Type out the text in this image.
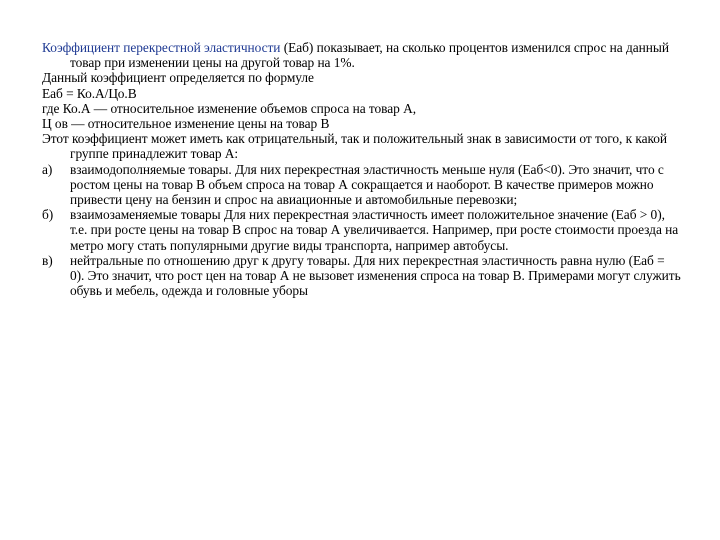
Коэффициент перекрестной эластичности (Еаб) показывает, на сколько процентов изменился спрос на данный товар при изменении цены на другой товар на 1%.

Данный коэффициент определяется по формуле

Еаб = Ко.А/Цо.В

где Ко.А — относительное изменение объемов спроса на товар А,

Ц ов — относительное изменение цены на товар В

Этот коэффициент может иметь как отрицательный, так и положительный знак в зависимости от того, к какой группе принадлежит товар А:

а)	взаимодополняемые товары. Для них перекрестная эластичность меньше нуля (Еаб<0). Это значит, что с ростом цены на товар В объем спроса на товар А сокращается и наоборот. В качестве примеров можно привести цену на бензин и спрос на авиационные и автомобильные перевозки;
б)	взаимозаменяемые товары Для них перекрестная эластичность имеет положительное значение (Еаб > 0), т.е. при росте цены на товар В спрос на товар А увеличивается. Например, при росте стоимости проезда на метро могу стать популярными другие виды транспорта, например автобусы.
в)	нейтральные по отношению друг к другу товары. Для них перекрестная эластичность равна нулю (Еаб = 0). Это значит, что рост цен на товар А не вызовет изменения спроса на товар В. Примерами могут служить обувь и мебель, одежда и головные уборы
